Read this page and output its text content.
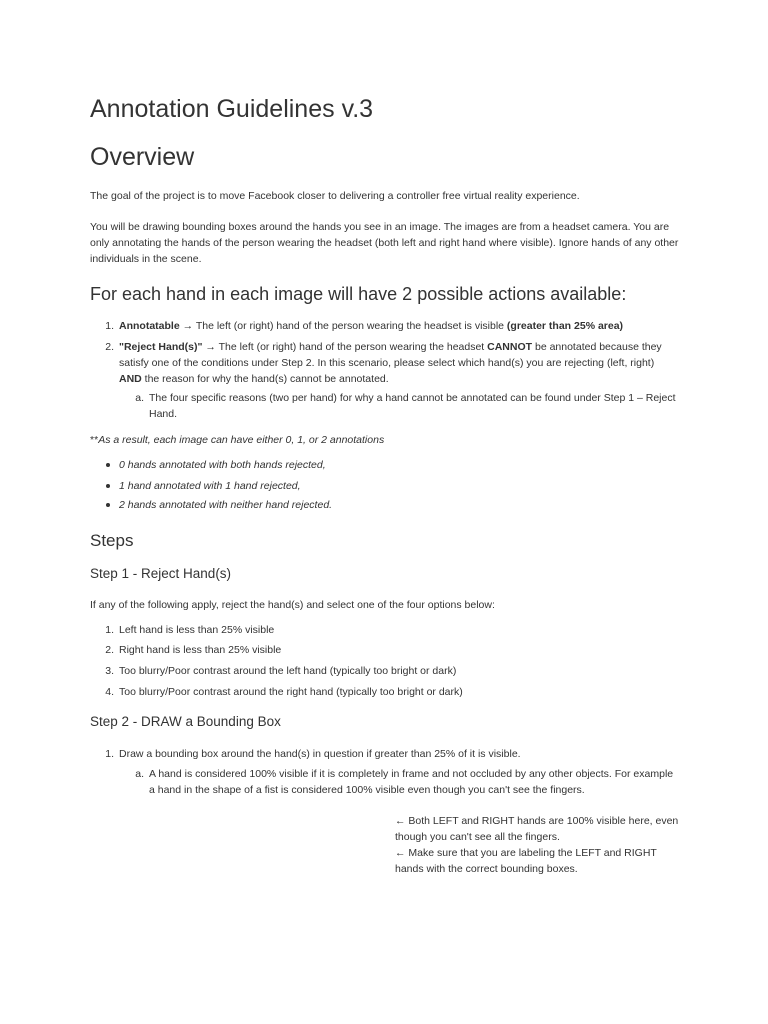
Annotation Guidelines v.3
Overview

The goal of the project is to move Facebook closer to delivering a controller free virtual reality experience.

You will be drawing bounding boxes around the hands you see in an image. The images are from a headset camera. You are only annotating the hands of the person wearing the headset (both left and right hand where visible). Ignore hands of any other individuals in the scene.

For each hand in each image will have 2 possible actions available:
1. Annotatable → The left (or right) hand of the person wearing the headset is visible (greater than 25% area)
2. "Reject Hand(s)" → The left (or right) hand of the person wearing the headset CANNOT be annotated because they satisfy one of the conditions under Step 2. In this scenario, please select which hand(s) you are rejecting (left, right) AND the reason for why the hand(s) cannot be annotated.
a. The four specific reasons (two per hand) for why a hand cannot be annotated can be found under Step 1 – Reject Hand.

**As a result, each image can have either 0, 1, or 2 annotations

0 hands annotated with both hands rejected,
1 hand annotated with 1 hand rejected,
2 hands annotated with neither hand rejected.
Steps
Step 1 - Reject Hand(s)

If any of the following apply, reject the hand(s) and select one of the four options below:

1. Left hand is less than 25% visible
2. Right hand is less than 25% visible
3. Too blurry/Poor contrast around the left hand (typically too bright or dark)
4. Too blurry/Poor contrast around the right hand (typically too bright or dark)
Step 2 - DRAW a Bounding Box
1. Draw a bounding box around the hand(s) in question if greater than 25% of it is visible.
a. A hand is considered 100% visible if it is completely in frame and not occluded by any other objects. For example a hand in the shape of a fist is considered 100% visible even though you can't see the fingers.
← Both LEFT and RIGHT hands are 100% visible here, even though you can't see all the fingers.
← Make sure that you are labeling the LEFT and RIGHT hands with the correct bounding boxes.
